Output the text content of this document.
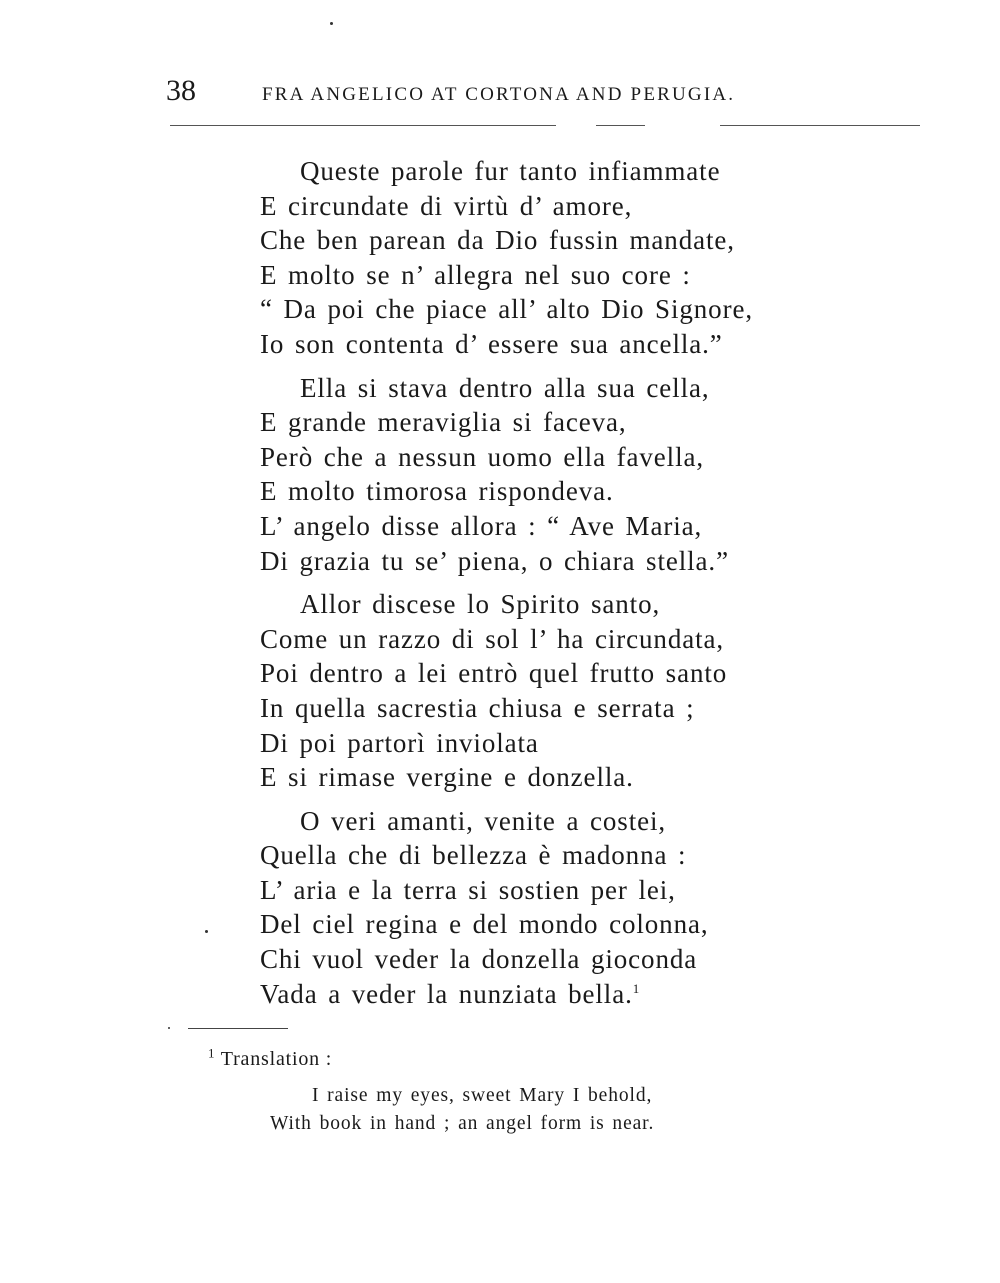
38	FRA ANGELICO AT CORTONA AND PERUGIA.
Queste parole fur tanto infiammate
E circundate di virtù d’ amore,
Che ben parean da Dio fussin mandate,
E molto se n’ allegra nel suo core :
“ Da poi che piace all’ alto Dio Signore,
Io son contenta d’ essere sua ancella.”
Ella si stava dentro alla sua cella,
E grande meraviglia si faceva,
Però che a nessun uomo ella favella,
E molto timorosa rispondeva.
L’ angelo disse allora : “ Ave Maria,
Di grazia tu se’ piena, o chiara stella.”
Allor discese lo Spirito santo,
Come un razzo di sol l’ ha circundata,
Poi dentro a lei entrò quel frutto santo
In quella sacrestia chiusa e serrata ;
Di poi partorì inviolata
E si rimase vergine e donzella.
O veri amanti, venite a costei,
Quella che di bellezza è madonna :
L’ aria e la terra si sostien per lei,
Del ciel regina e del mondo colonna,
Chi vuol veder la donzella gioconda
Vada a veder la nunziata bella.$^1$
$^1$ Translation :
I raise my eyes, sweet Mary I behold,
With book in hand ; an angel form is near.
